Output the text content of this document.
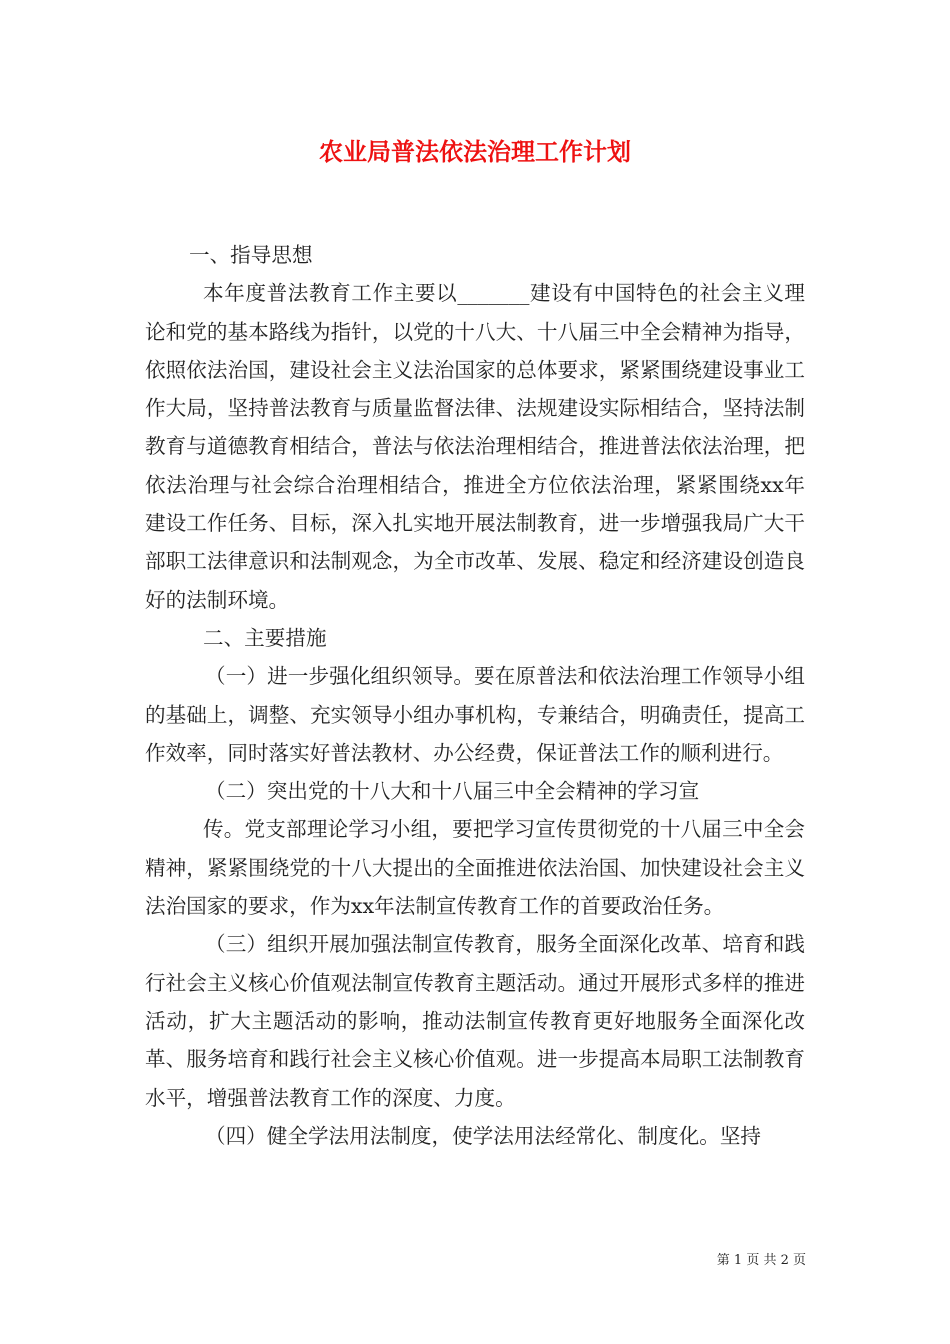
农业局普法依法治理工作计划

一、指导思想

本年度普法教育工作主要以_______建设有中国特色的社会主义理论和党的基本路线为指针，以党的十八大、十八届三中全会精神为指导，依照依法治国，建设社会主义法治国家的总体要求，紧紧围绕建设事业工作大局，坚持普法教育与质量监督法律、法规建设实际相结合，坚持法制教育与道德教育相结合，普法与依法治理相结合，推进普法依法治理，把依法治理与社会综合治理相结合，推进全方位依法治理，紧紧围绕xx年建设工作任务、目标，深入扎实地开展法制教育，进一步增强我局广大干部职工法律意识和法制观念，为全市改革、发展、稳定和经济建设创造良好的法制环境。

二、主要措施

（一）进一步强化组织领导。要在原普法和依法治理工作领导小组的基础上，调整、充实领导小组办事机构，专兼结合，明确责任，提高工作效率，同时落实好普法教材、办公经费，保证普法工作的顺利进行。

（二）突出党的十八大和十八届三中全会精神的学习宣

传。党支部理论学习小组，要把学习宣传贯彻党的十八届三中全会精神，紧紧围绕党的十八大提出的全面推进依法治国、加快建设社会主义法治国家的要求，作为xx年法制宣传教育工作的首要政治任务。

（三）组织开展加强法制宣传教育，服务全面深化改革、培育和践行社会主义核心价值观法制宣传教育主题活动。通过开展形式多样的推进活动，扩大主题活动的影响，推动法制宣传教育更好地服务全面深化改革、服务培育和践行社会主义核心价值观。进一步提高本局职工法制教育水平，增强普法教育工作的深度、力度。

（四）健全学法用法制度，使学法用法经常化、制度化。坚持

第 1 页 共 2 页
